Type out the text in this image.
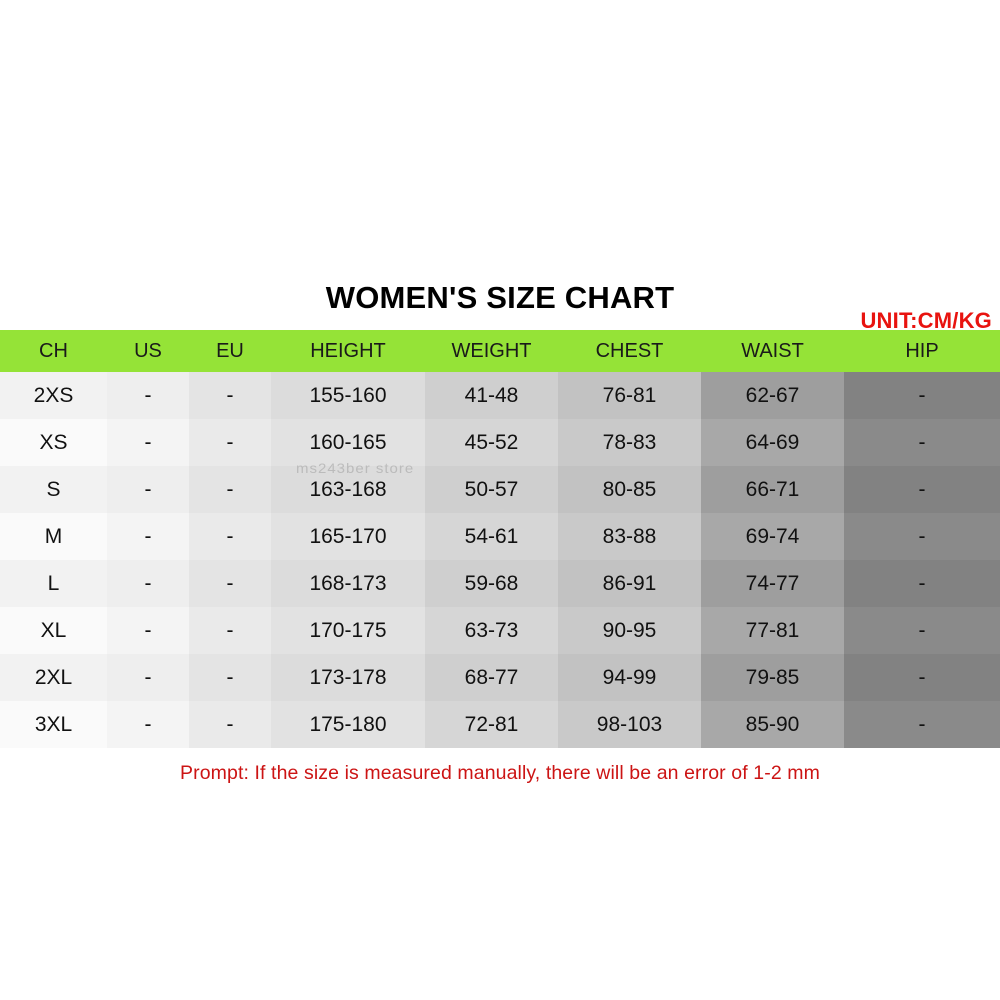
WOMEN'S SIZE CHART
UNIT:CM/KG
CH	US	EU	HEIGHT	WEIGHT	CHEST	WAIST	HIP
2XS	-	-	155-160	41-48	76-81	62-67	-
XS	-	-	160-165	45-52	78-83	64-69	-
S	-	-	163-168	50-57	80-85	66-71	-
M	-	-	165-170	54-61	83-88	69-74	-
L	-	-	168-173	59-68	86-91	74-77	-
XL	-	-	170-175	63-73	90-95	77-81	-
2XL	-	-	173-178	68-77	94-99	79-85	-
3XL	-	-	175-180	72-81	98-103	85-90	-
Prompt: If the size is measured manually, there will be an error of 1-2 mm
ms243ber store
